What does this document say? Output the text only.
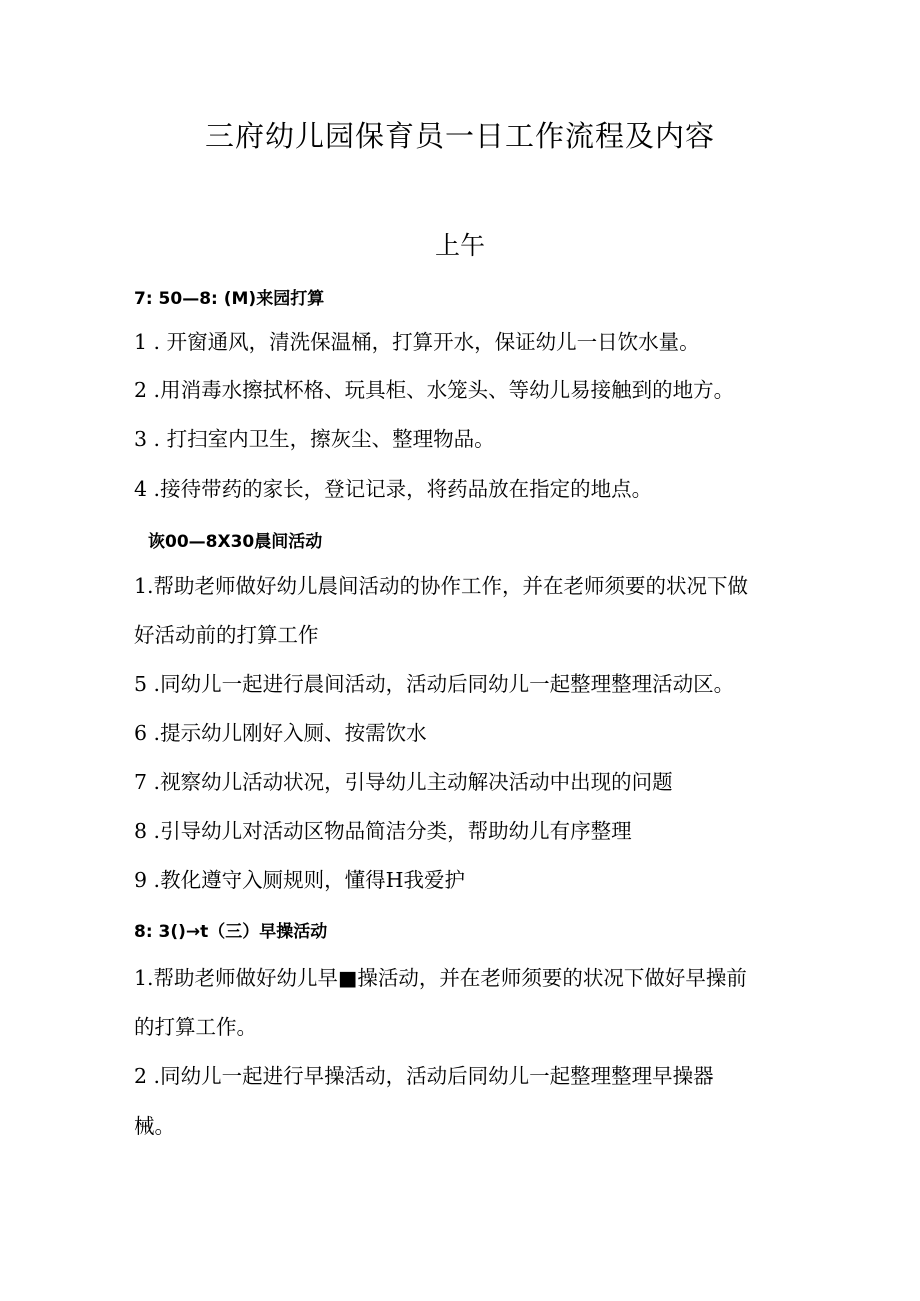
三府幼儿园保育员一日工作流程及内容
上午
7: 50—8: (M)来园打算
1 . 开窗通风，清洗保温桶，打算开水，保证幼儿一日饮水量。
2 .用消毒水擦拭杯格、玩具柜、水笼头、等幼儿易接触到的地方。
3 . 打扫室内卫生，擦灰尘、整理物品。
4 .接待带药的家长，登记记录，将药品放在指定的地点。
诙00—8X30晨间活动
1.帮助老师做好幼儿晨间活动的协作工作，并在老师须要的状况下做
好活动前的打算工作
5 .同幼儿一起进行晨间活动，活动后同幼儿一起整理整理活动区。
6 .提示幼儿刚好入厕、按需饮水
7 .视察幼儿活动状况，引导幼儿主动解决活动中出现的问题
8 .引导幼儿对活动区物品简洁分类，帮助幼儿有序整理
9 .教化遵守入厕规则，懂得H我爱护
8: 3()→t（三）早操活动
1.帮助老师做好幼儿早■操活动，并在老师须要的状况下做好早操前
的打算工作。
2 .同幼儿一起进行早操活动，活动后同幼儿一起整理整理早操器
械。
